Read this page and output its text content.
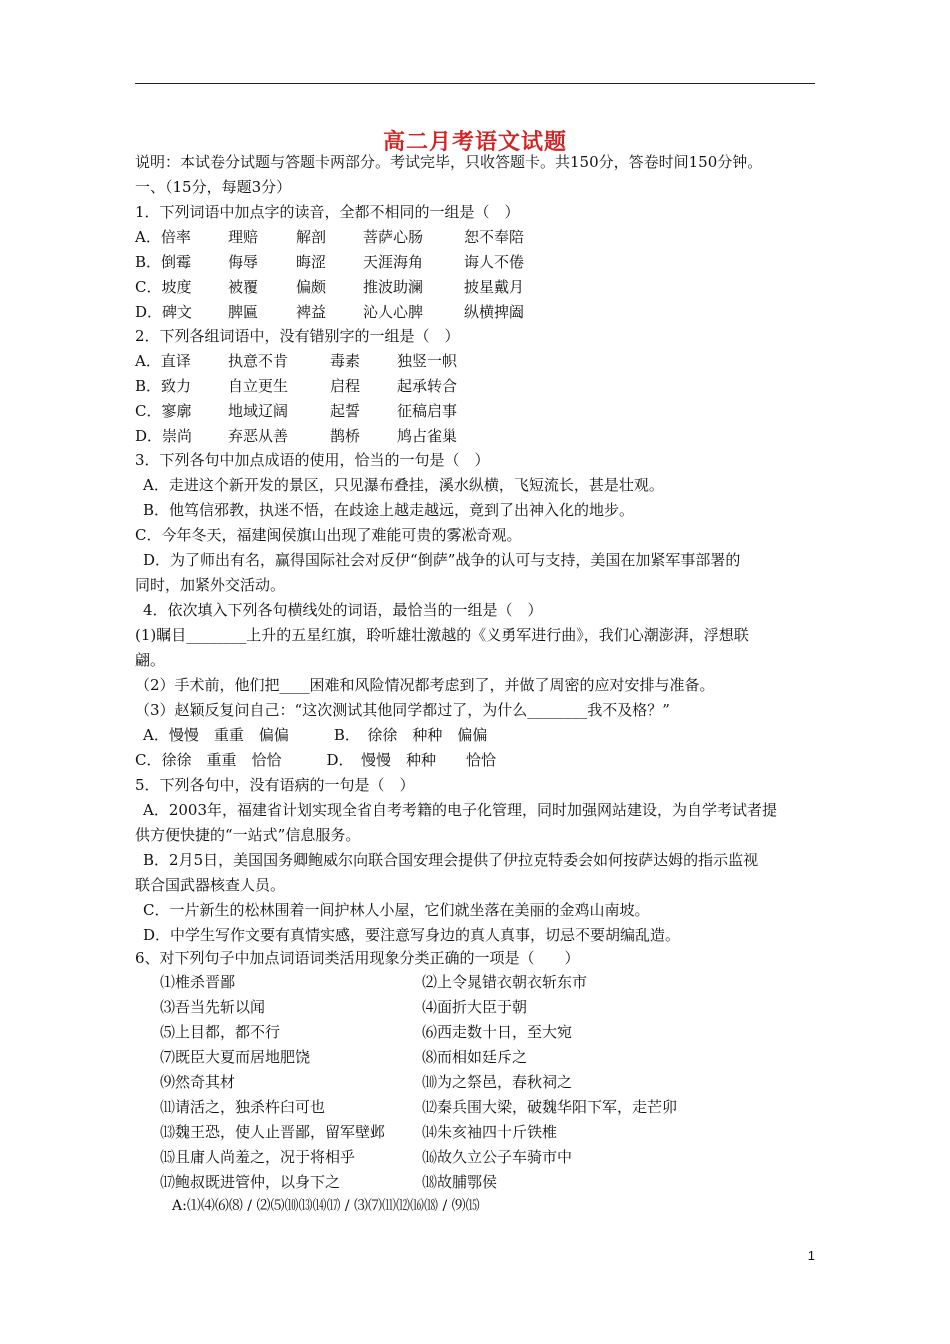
高二月考语文试题
说明：本试卷分试题与答题卡两部分。考试完毕，只收答题卡。共150分，答卷时间150分钟。
一、（15分，每题3分）
1．下列词语中加点字的读音，全都不相同的一组是（　）
A．倍率 理赔	解剖 菩萨心肠	恕不奉陪
B．倒霉 侮辱	晦涩 天涯海角	诲人不倦
C．坡度 被覆	偏颇 推波助澜	披星戴月
D．碑文 脾匾	裨益 沁人心脾	纵横捭阖
2．下列各组词语中，没有错别字的一组是（　）
A．直译 执意不肯	毒素 独竖一帜
B．致力 自立更生	启程 起承转合
C．寥廓 地域辽阔	起誓 征稿启事
D．崇尚 弃恶从善	鹊桥 鸠占雀巢
3．下列各句中加点成语的使用，恰当的一句是（　）
A．走进这个新开发的景区，只见瀑布叠挂，溪水纵横，飞短流长，甚是壮观。
B．他笃信邪教，执迷不悟，在歧途上越走越远，竟到了出神入化的地步。
C．今年冬天，福建闽侯旗山出现了难能可贵的雾凇奇观。
D．为了师出有名，赢得国际社会对反伊“倒萨”战争的认可与支持，美国在加紧军事部署的
同时，加紧外交活动。
4．依次填入下列各句横线处的词语，最恰当的一组是（　）
(1)瞩目________上升的五星红旗，聆听雄壮激越的《义勇军进行曲》，我们心潮澎湃，浮想联
翩。
（2）手术前，他们把____困难和风险情况都考虑到了，并做了周密的应对安排与准备。
（3）赵颖反复问自己：“这次测试其他同学都过了，为什么________我不及格？”
A．慢慢　重重　偏偏　　　B．　徐徐　种种　偏偏
C．徐徐　重重　恰恰　　　D．　慢慢　种种　　恰恰
5．下列各句中，没有语病的一句是（　）
A．2003年，福建省计划实现全省自考考籍的电子化管理，同时加强网站建设，为自学考试者提
供方便快捷的“一站式”信息服务。
B．2月5日，美国国务卿鲍威尔向联合国安理会提供了伊拉克特委会如何按萨达姆的指示监视
联合国武器核查人员。
C．一片新生的松林围着一间护林人小屋，它们就坐落在美丽的金鸡山南坡。
D．中学生写作文要有真情实感，要注意写身边的真人真事，切忌不要胡编乱造。
6、对下列句子中加点词语词类活用现象分类正确的一项是（　　）
⑴椎杀晋鄙	⑵上令晁错衣朝衣斩东市
⑶吾当先斩以闻	⑷面折大臣于朝
⑸上目都，都不行	⑹西走数十日，至大宛
⑺既臣大夏而居地肥饶	⑻而相如廷斥之
⑼然奇其材	⑽为之祭邑，春秋祠之
⑾请活之，独杀杵臼可也	⑿秦兵围大梁，破魏华阳下军，走芒卯
⒀魏王恐，使人止晋鄙，留军壁邺 ⒁朱亥袖四十斤铁椎
⒂且庸人尚羞之，况于将相乎	⒃故久立公子车骑市中
⒄鲍叔既进管仲，以身下之	⒅故脯鄂侯
A:⑴⑷⑹⑻ / ⑵⑸⑽⒀⒁⒄ / ⑶⑺⑾⑿⒃⒅ / ⑼⒂
1
